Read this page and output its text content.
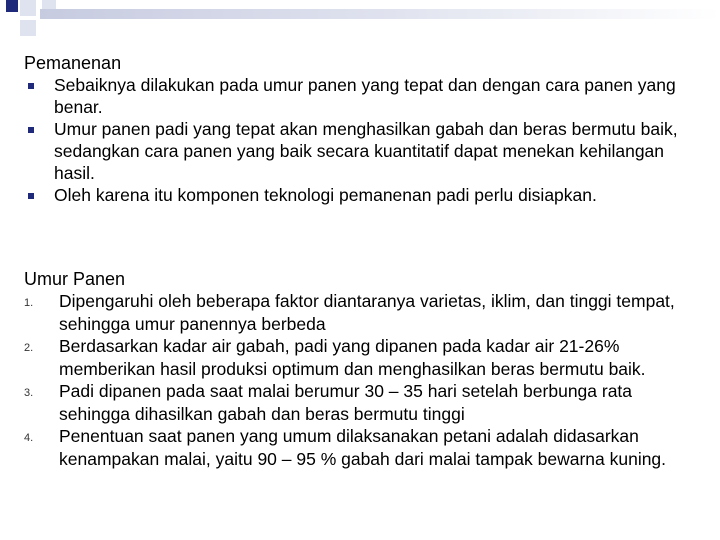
Pemanenan
Sebaiknya dilakukan pada umur panen yang tepat dan dengan cara panen yang benar.
Umur panen padi yang tepat akan menghasilkan gabah dan beras bermutu baik, sedangkan cara panen yang baik secara kuantitatif dapat menekan kehilangan hasil.
Oleh karena itu komponen teknologi pemanenan padi perlu disiapkan.
Umur Panen
1. Dipengaruhi oleh beberapa faktor diantaranya varietas, iklim, dan tinggi tempat, sehingga umur panennya berbeda
2. Berdasarkan kadar air gabah, padi yang dipanen pada kadar air 21-26% memberikan hasil produksi optimum dan menghasilkan beras bermutu baik.
3. Padi dipanen pada saat malai berumur 30 – 35 hari setelah berbunga rata sehingga dihasilkan gabah dan beras bermutu tinggi
4. Penentuan saat panen yang umum dilaksanakan petani adalah didasarkan kenampakan malai, yaitu 90 – 95 % gabah dari malai tampak bewarna kuning.
